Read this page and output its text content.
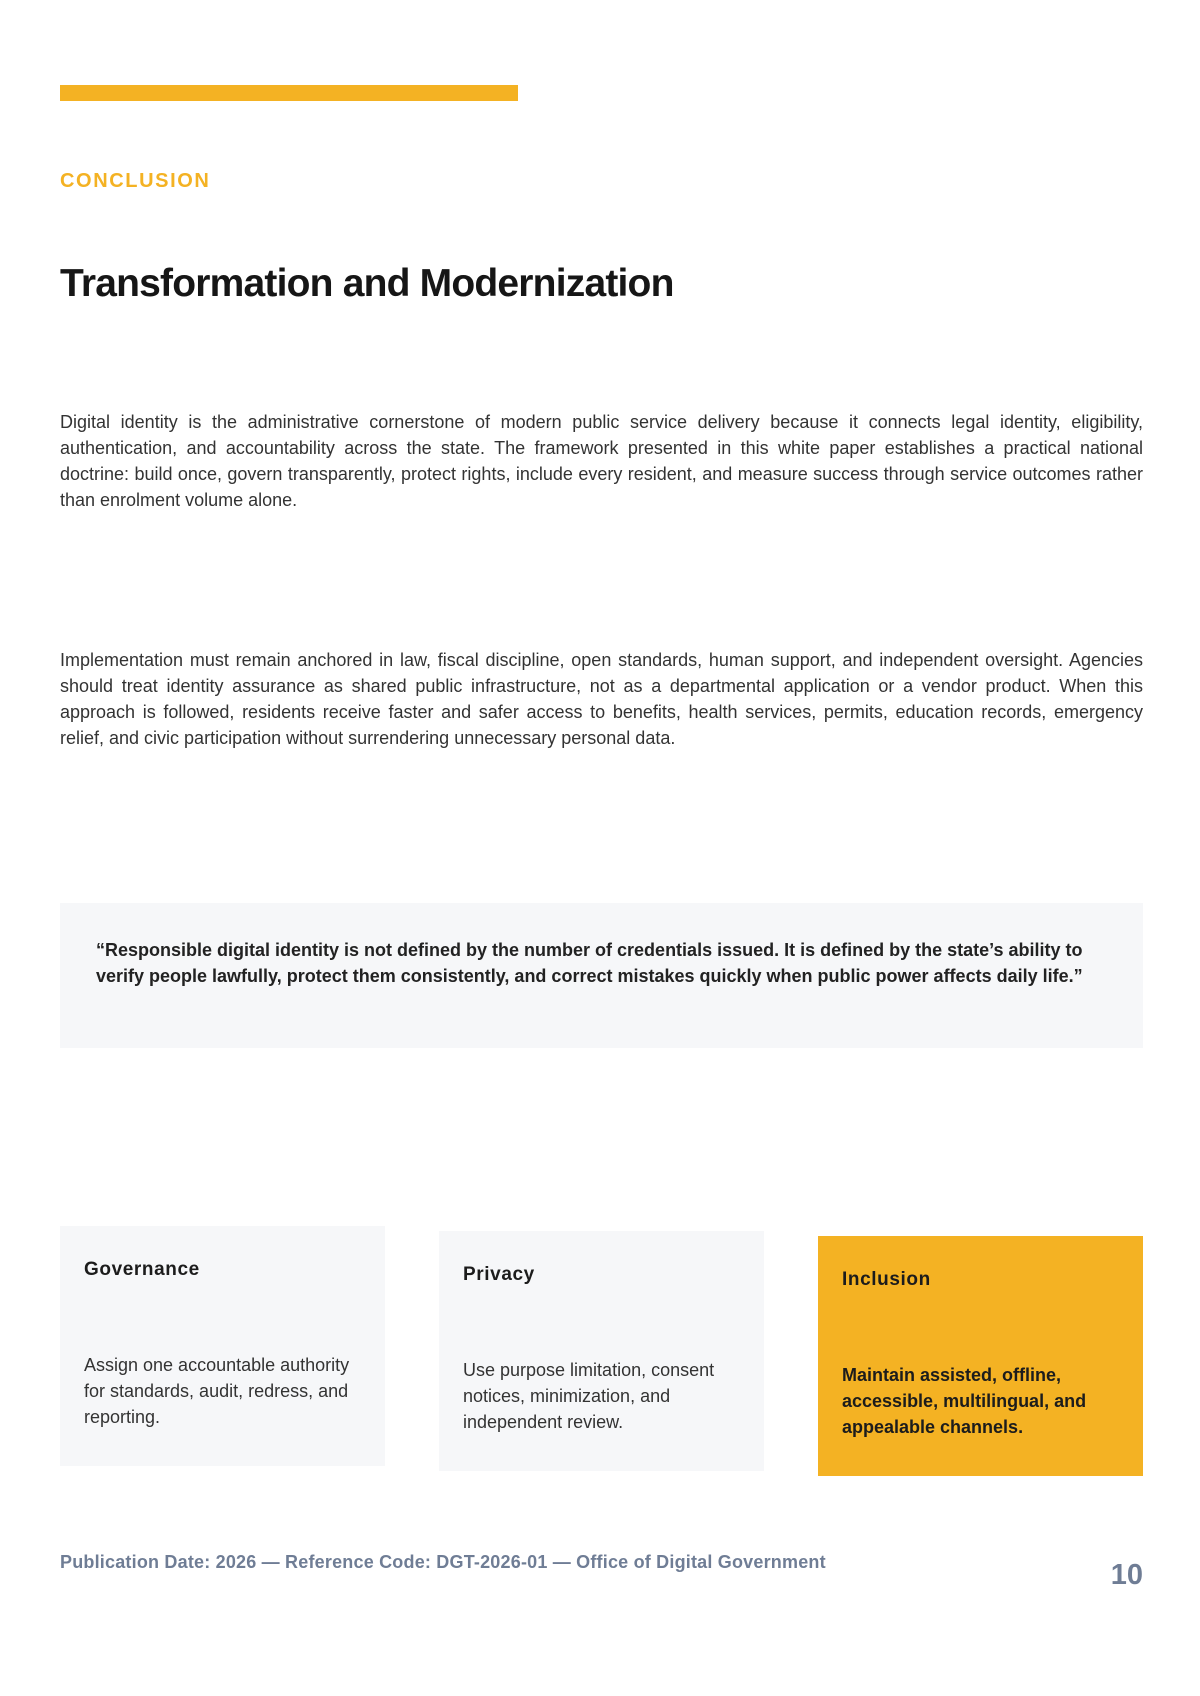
CONCLUSION
Transformation and Modernization

Digital identity is the administrative cornerstone of modern public service delivery because it connects legal identity, eligibility, authentication, and accountability across the state. The framework presented in this white paper establishes a practical national doctrine: build once, govern transparently, protect rights, include every resident, and measure success through service outcomes rather than enrolment volume alone.

Implementation must remain anchored in law, fiscal discipline, open standards, human support, and independent oversight. Agencies should treat identity assurance as shared public infrastructure, not as a departmental application or a vendor product. When this approach is followed, residents receive faster and safer access to benefits, health services, permits, education records, emergency relief, and civic participation without surrendering unnecessary personal data.

“Responsible digital identity is not defined by the number of credentials issued. It is defined by the state’s ability to verify people lawfully, protect them consistently, and correct mistakes quickly when public power affects daily life.”

Governance

Assign one accountable authority for standards, audit, redress, and reporting.

Privacy

Use purpose limitation, consent notices, minimization, and independent review.

Inclusion

Maintain assisted, offline, accessible, multilingual, and appealable channels.

Publication Date: 2026 — Reference Code: DGT-2026-01 — Office of Digital Government	10
